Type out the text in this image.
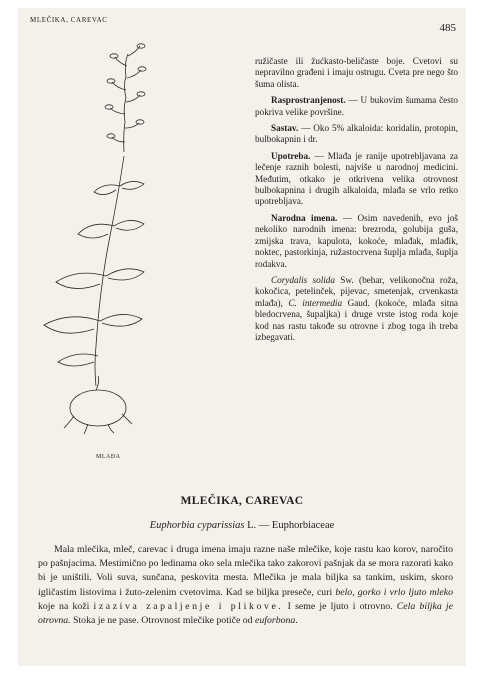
MLEČIKA, CAREVAC
485
MLAĐA

ružičaste ili žućkasto-beličaste boje. Cvetovi su nepravilno građeni i imaju ostrugu. Cveta pre nego što šuma olista.

Rasprostranjenost. — U bukovim šumama često pokriva velike površine.

Sastav. — Oko 5% alkaloida: koridalin, protopin, bulbokapnin i dr.

Upotreba. — Mlađa je ranije upotrebljavana za lečenje raznih bolesti, najviše u narodnoj medicini. Međutim, otkako je otkrivena velika otrovnost bulbokapnina i drugih alkaloida, mlađa se vrlo retko upotrebljava.

Narodna imena. — Osim navedenih, evo još nekoliko narodnih imena: brezroda, golubija guša, zmijska trava, kapulota, kokoće, mlađak, mlađik, noktec, pastorkinja, ružastocrvena šuplja mlađa, šuplja rodakva.

Corydalis solida Sw. (behar, velikonočna roža, kokočica, petelinček, pijevac, smetenjak, crvenkasta mlađa), C. intermedia Gaud. (kokoće, mlađa sitna bledocrvena, šupaljka) i druge vrste istog roda koje kod nas rastu takođe su otrovne i zbog toga ih treba izbegavati.

MLEČIKA, CAREVAC
Euphorbia cyparissias L. — Euphorbiaceae

Mala mlečika, mleč, carevac i druga imena imaju razne naše mlečike, koje rastu kao korov, naročito po pašnjacima. Mestimično po ledinama oko sela mlečika tako zakorovi pašnjak da se mora razorati kako bi je uništili. Voli suva, sunčana, peskovita mesta. Mlečika je mala biljka sa tankim, uskim, skoro igličastim listovima i žuto-zelenim cvetovima. Kad se biljka preseče, curi belo, gorko i vrlo ljuto mleko koje na koži izaziva zapaljenje i plikove. I seme je ljuto i otrovno. Cela biljka je otrovna. Stoka je ne pase. Otrovnost mlečike potiče od euforbona.
